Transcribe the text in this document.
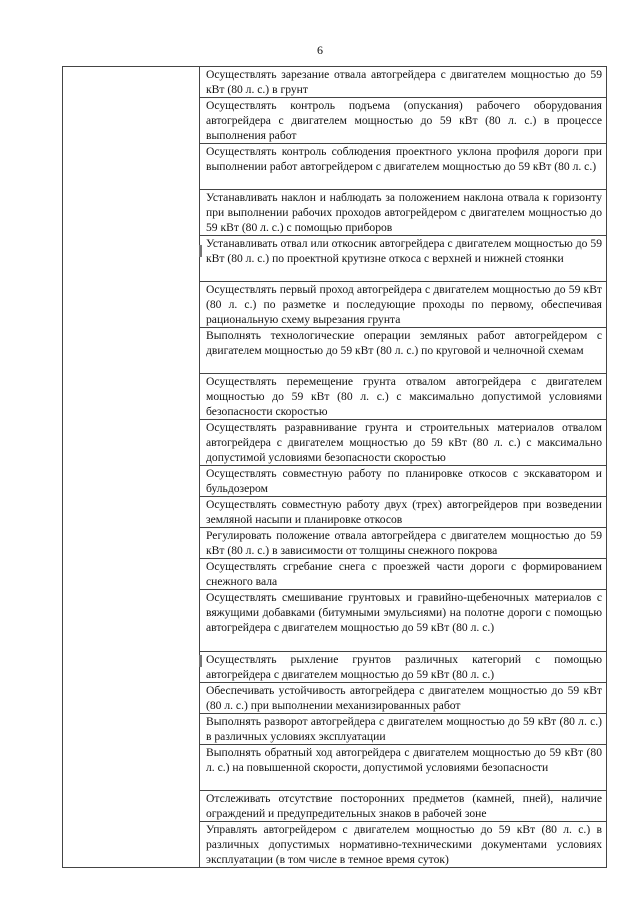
6
	Осуществлять зарезание отвала автогрейдера с двигателем мощностью до 59 кВт (80 л. с.) в грунт
Осуществлять контроль подъема (опускания) рабочего оборудования автогрейдера с двигателем мощностью до 59 кВт (80 л. с.) в процессе выполнения работ
Осуществлять контроль соблюдения проектного уклона профиля дороги при выполнении работ автогрейдером с двигателем мощностью до 59 кВт (80 л. с.)
Устанавливать наклон и наблюдать за положением наклона отвала к горизонту при выполнении рабочих проходов автогрейдером с двигателем мощностью до 59 кВт (80 л. с.) с помощью приборов
Устанавливать отвал или откосник автогрейдера с двигателем мощностью до 59 кВт (80 л. с.) по проектной крутизне откоса с верхней и нижней стоянки
Осуществлять первый проход автогрейдера с двигателем мощностью до 59 кВт (80 л. с.) по разметке и последующие проходы по первому, обеспечивая рациональную схему вырезания грунта
Выполнять технологические операции земляных работ автогрейдером с двигателем мощностью до 59 кВт (80 л. с.) по круговой и челночной схемам
Осуществлять перемещение грунта отвалом автогрейдера с двигателем мощностью до 59 кВт (80 л. с.) с максимально допустимой условиями безопасности скоростью
Осуществлять разравнивание грунта и строительных материалов отвалом автогрейдера с двигателем мощностью до 59 кВт (80 л. с.) с максимально допустимой условиями безопасности скоростью
Осуществлять совместную работу по планировке откосов с экскаватором и бульдозером
Осуществлять совместную работу двух (трех) автогрейдеров при возведении земляной насыпи и планировке откосов
Регулировать положение отвала автогрейдера с двигателем мощностью до 59 кВт (80 л. с.) в зависимости от толщины снежного покрова
Осуществлять сгребание снега с проезжей части дороги с формированием снежного вала
Осуществлять смешивание грунтовых и гравийно-щебеночных материалов с вяжущими добавками (битумными эмульсиями) на полотне дороги с помощью автогрейдера с двигателем мощностью до 59 кВт (80 л. с.)
Осуществлять рыхление грунтов различных категорий с помощью автогрейдера с двигателем мощностью до 59 кВт (80 л. с.)
Обеспечивать устойчивость автогрейдера с двигателем мощностью до 59 кВт (80 л. с.) при выполнении механизированных работ
Выполнять разворот автогрейдера с двигателем мощностью до 59 кВт (80 л. с.) в различных условиях эксплуатации
Выполнять обратный ход автогрейдера с двигателем мощностью до 59 кВт (80 л. с.) на повышенной скорости, допустимой условиями безопасности
Отслеживать отсутствие посторонних предметов (камней, пней), наличие ограждений и предупредительных знаков в рабочей зоне
Управлять автогрейдером с двигателем мощностью до 59 кВт (80 л. с.) в различных допустимых нормативно-техническими документами условиях эксплуатации (в том числе в темное время суток)
